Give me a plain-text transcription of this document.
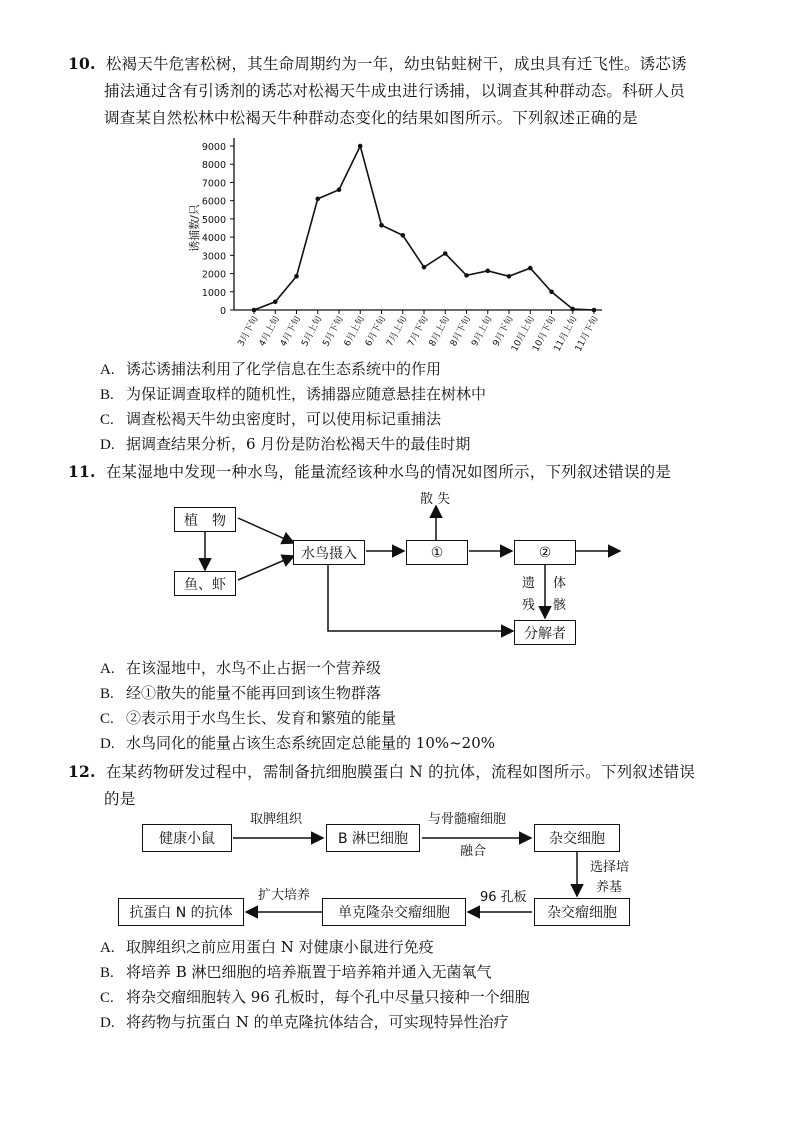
10. 松褐天牛危害松树，其生命周期约为一年，幼虫钻蛀树干，成虫具有迁飞性。诱芯诱
捕法通过含有引诱剂的诱芯对松褐天牛成虫进行诱捕，以调查其种群动态。科研人员
调查某自然松林中松褐天牛种群动态变化的结果如图所示。下列叙述正确的是
0
1000
2000
3000
4000
5000
6000
7000
8000
9000
3月下旬
4月上旬
4月下旬
5月上旬
5月下旬
6月上旬
6月下旬
7月上旬
7月下旬
8月上旬
8月下旬
9月上旬
9月下旬
10月上旬
10月下旬
11月上旬
11月下旬
诱捕数/只
A. 诱芯诱捕法利用了化学信息在生态系统中的作用
B. 为保证调查取样的随机性，诱捕器应随意悬挂在树林中
C. 调查松褐天牛幼虫密度时，可以使用标记重捕法
D. 据调查结果分析，6 月份是防治松褐天牛的最佳时期
11. 在某湿地中发现一种水鸟，能量流经该种水鸟的情况如图所示，下列叙述错误的是
植　物
鱼、虾
水鸟摄入	①	②
分解者
散 失
遗
残
体
骸
A. 在该湿地中，水鸟不止占据一个营养级
B. 经①散失的能量不能再回到该生物群落
C. ②表示用于水鸟生长、发育和繁殖的能量
D. 水鸟同化的能量占该生态系统固定总能量的 10%~20%
12. 在某药物研发过程中，需制备抗细胞膜蛋白 N 的抗体，流程如图所示。下列叙述错误
的是
健康小鼠	B 淋巴细胞	杂交细胞
杂交瘤细胞
单克隆杂交瘤细胞
抗蛋白 N 的抗体
取脾组织	与骨髓瘤细胞
融合
选择培
养基
96 孔板
扩大培养
A. 取脾组织之前应用蛋白 N 对健康小鼠进行免疫
B. 将培养 B 淋巴细胞的培养瓶置于培养箱并通入无菌氧气
C. 将杂交瘤细胞转入 96 孔板时，每个孔中尽量只接种一个细胞
D. 将药物与抗蛋白 N 的单克隆抗体结合，可实现特异性治疗
